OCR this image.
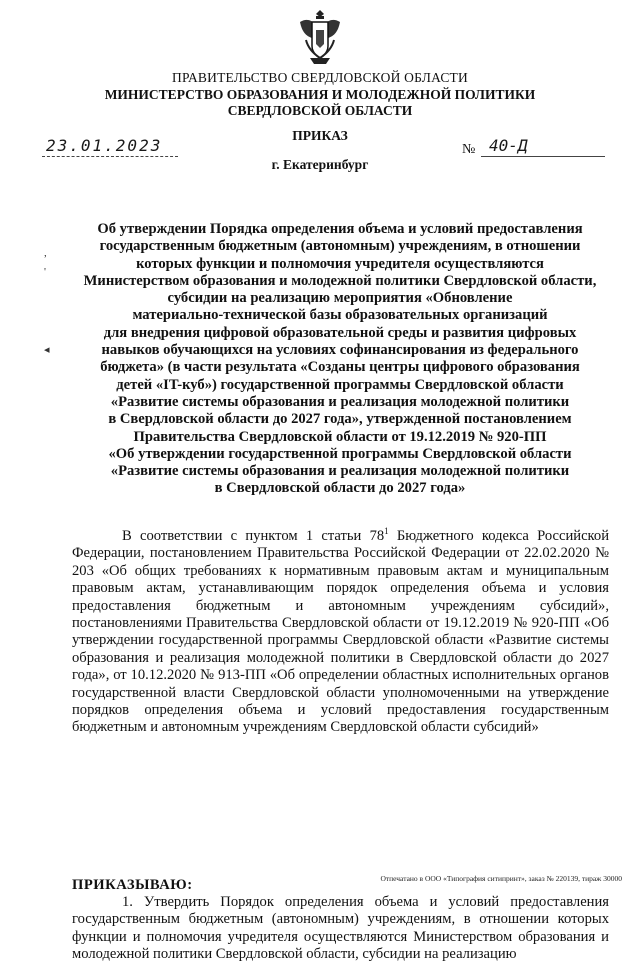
ПРАВИТЕЛЬСТВО СВЕРДЛОВСКОЙ ОБЛАСТИ
МИНИСТЕРСТВО ОБРАЗОВАНИЯ И МОЛОДЕЖНОЙ ПОЛИТИКИ
СВЕРДЛОВСКОЙ ОБЛАСТИ
ПРИКАЗ
23.01.2023	№ 40-Д
г. Екатеринбург
,
'
◂
Об утверждении Порядка определения объема и условий предоставления
государственным бюджетным (автономным) учреждениям, в отношении
которых функции и полномочия учредителя осуществляются
Министерством образования и молодежной политики Свердловской области,
субсидии на реализацию мероприятия «Обновление
материально-технической базы образовательных организаций
для внедрения цифровой образовательной среды и развития цифровых
навыков обучающихся на условиях софинансирования из федерального
бюджета» (в части результата «Созданы центры цифрового образования
детей «IT-куб») государственной программы Свердловской области
«Развитие системы образования и реализация молодежной политики
в Свердловской области до 2027 года», утвержденной постановлением
Правительства Свердловской области от 19.12.2019 № 920-ПП
«Об утверждении государственной программы Свердловской области
«Развитие системы образования и реализация молодежной политики
в Свердловской области до 2027 года»
В соответствии с пунктом 1 статьи $78^1$ Бюджетного кодекса Российской Федерации, постановлением Правительства Российской Федерации от 22.02.2020 № 203 «Об общих требованиях к нормативным правовым актам и муниципальным правовым актам, устанавливающим порядок определения объема и условия предоставления бюджетным и автономным учреждениям субсидий», постановлениями Правительства Свердловской области от 19.12.2019 № 920-ПП «Об утверждении государственной программы Свердловской области «Развитие системы образования и реализация молодежной политики в Свердловской области до 2027 года», от 10.12.2020 № 913-ПП «Об определении областных исполнительных органов государственной власти Свердловской области уполномоченными на утверждение порядков определения объема и условий предоставления государственным бюджетным и автономным учреждениям Свердловской области субсидий»
ПРИКАЗЫВАЮ:
1. Утвердить Порядок определения объема и условий предоставления государственным бюджетным (автономным) учреждениям, в отношении которых функции и полномочия учредителя осуществляются Министерством образования и молодежной политики Свердловской области, субсидии на реализацию
Отпечатано в ООО «Типография ситипринт», заказ № 220139, тираж 30000
